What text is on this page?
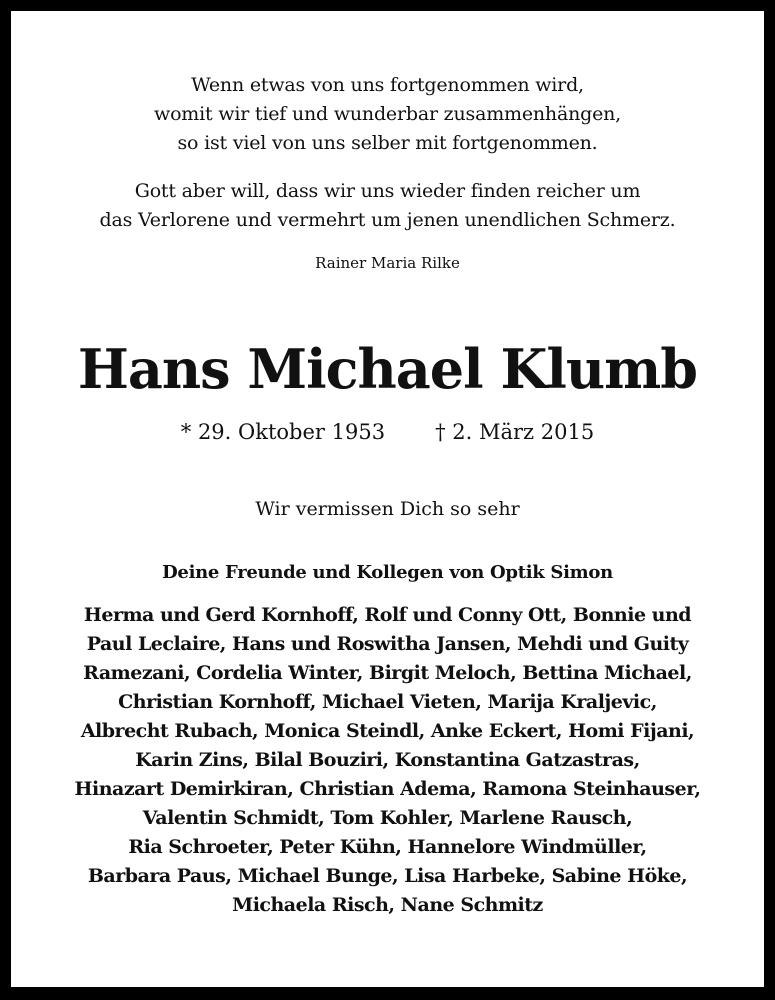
Wenn etwas von uns fortgenommen wird,
womit wir tief und wunderbar zusammenhängen,
so ist viel von uns selber mit fortgenommen.
Gott aber will, dass wir uns wieder finden reicher um
das Verlorene und vermehrt um jenen unendlichen Schmerz.
Rainer Maria Rilke
Hans Michael Klumb
* 29. Oktober 1953 † 2. März 2015
Wir vermissen Dich so sehr
Deine Freunde und Kollegen von Optik Simon
Herma und Gerd Kornhoff, Rolf und Conny Ott, Bonnie und
Paul Leclaire, Hans und Roswitha Jansen, Mehdi und Guity
Ramezani, Cordelia Winter, Birgit Meloch, Bettina Michael,
Christian Kornhoff, Michael Vieten, Marija Kraljevic,
Albrecht Rubach, Monica Steindl, Anke Eckert, Homi Fijani,
Karin Zins, Bilal Bouziri, Konstantina Gatzastras,
Hinazart Demirkiran, Christian Adema, Ramona Steinhauser,
Valentin Schmidt, Tom Kohler, Marlene Rausch,
Ria Schroeter, Peter Kühn, Hannelore Windmüller,
Barbara Paus, Michael Bunge, Lisa Harbeke, Sabine Höke,
Michaela Risch, Nane Schmitz
